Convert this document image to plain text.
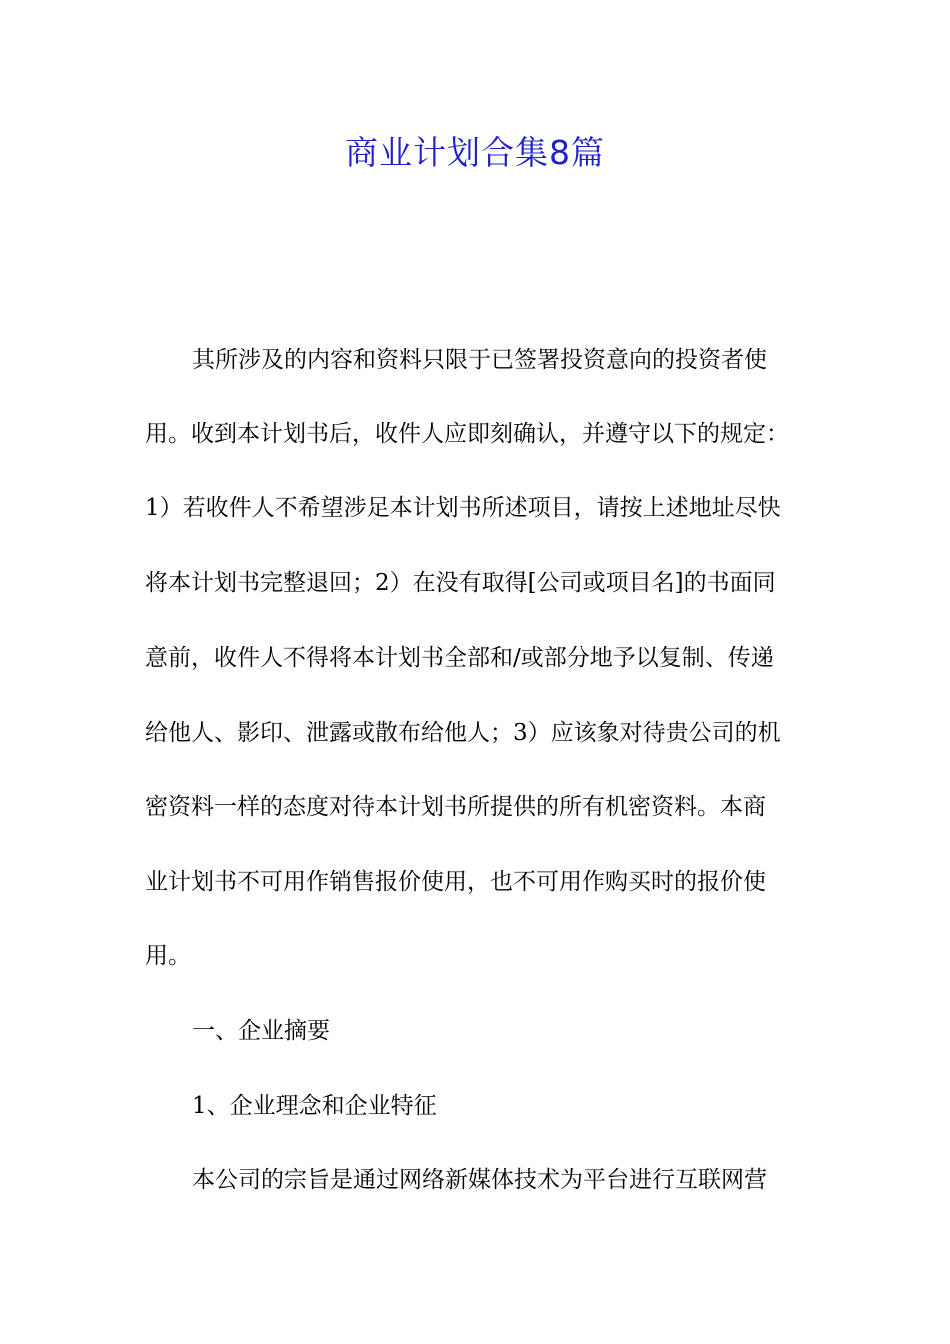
商业计划合集8篇

其所涉及的内容和资料只限于已签署投资意向的投资者使

用。收到本计划书后，收件人应即刻确认，并遵守以下的规定：

1）若收件人不希望涉足本计划书所述项目，请按上述地址尽快

将本计划书完整退回；2）在没有取得[公司或项目名]的书面同

意前，收件人不得将本计划书全部和/或部分地予以复制、传递

给他人、影印、泄露或散布给他人；3）应该象对待贵公司的机

密资料一样的态度对待本计划书所提供的所有机密资料。本商

业计划书不可用作销售报价使用，也不可用作购买时的报价使

用。

一、企业摘要

1、企业理念和企业特征

本公司的宗旨是通过网络新媒体技术为平台进行互联网营
